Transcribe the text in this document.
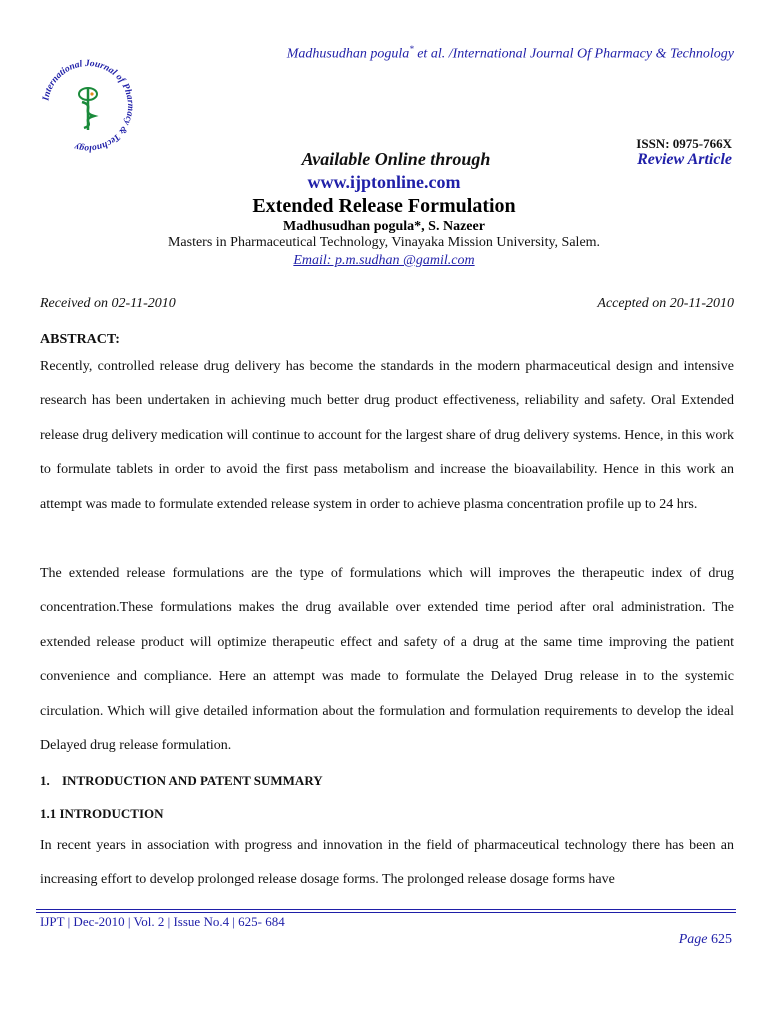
Madhusudhan pogula* et al. /International Journal Of Pharmacy & Technology
International Journal of Pharmacy & Technology	ISSN: 0975-766X
Review Article
Available Online through
www.ijptonline.com
Extended Release Formulation
Madhusudhan pogula*, S. Nazeer
Masters in Pharmaceutical Technology, Vinayaka Mission University, Salem.
Email: p.m.sudhan @gamil.com
Received on 02-11-2010	Accepted on 20-11-2010
ABSTRACT:

Recently, controlled release drug delivery has become the standards in the modern pharmaceutical design and intensive research has been undertaken in achieving much better drug product effectiveness, reliability and safety. Oral Extended release drug delivery medication will continue to account for the largest share of drug delivery systems. Hence, in this work to formulate tablets in order to avoid the first pass metabolism and increase the bioavailability. Hence in this work an attempt was made to formulate extended release system in order to achieve plasma concentration profile up to 24 hrs.

The extended release formulations are the type of formulations which will improves the therapeutic index of drug concentration.These formulations makes the drug available over extended time period after oral administration. The extended release product will optimize therapeutic effect and safety of a drug at the same time improving the patient convenience and compliance. Here an attempt was made to formulate the Delayed Drug release in to the systemic circulation. Which will give detailed information about the formulation and formulation requirements to develop the ideal Delayed drug release formulation.

1. INTRODUCTION AND PATENT SUMMARY
1.1 INTRODUCTION

In recent years in association with progress and innovation in the field of pharmaceutical technology there has been an increasing effort to develop prolonged release dosage forms. The prolonged release dosage forms have

IJPT | Dec-2010 | Vol. 2 | Issue No.4 | 625- 684
Page 625
